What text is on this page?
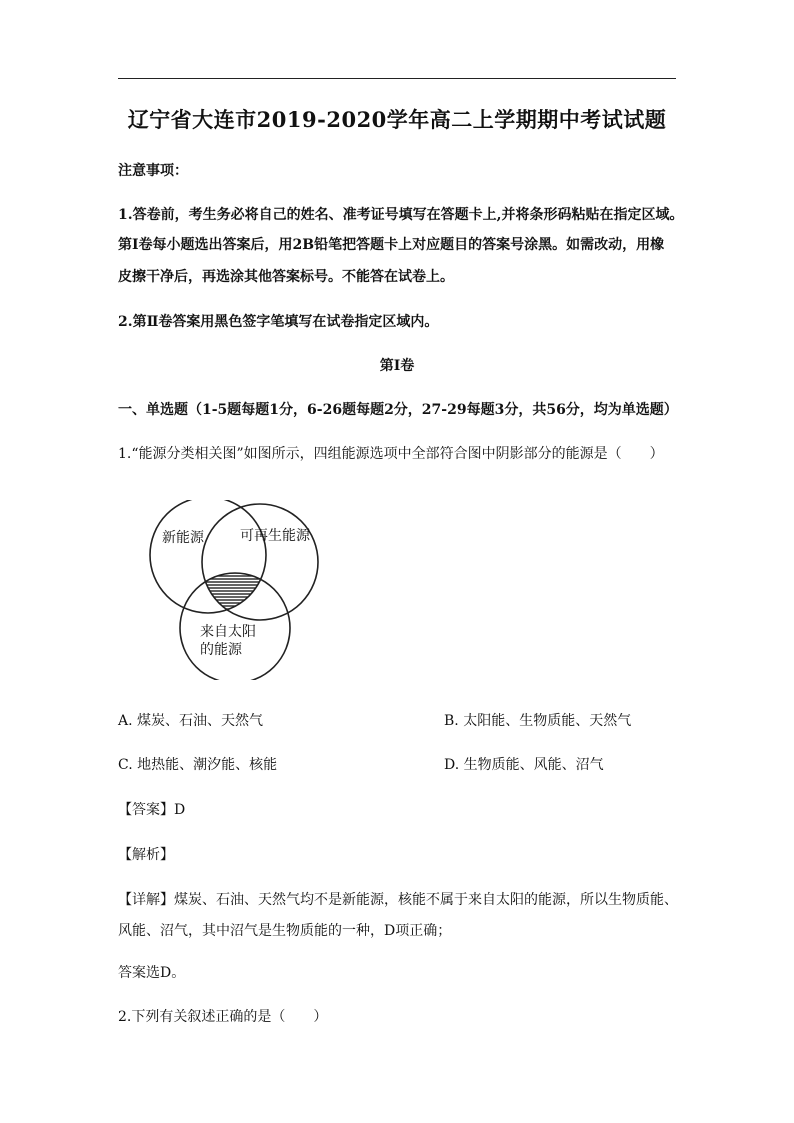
辽宁省大连市2019-2020学年高二上学期期中考试试题
注意事项：
1.答卷前，考生务必将自己的姓名、准考证号填写在答题卡上,并将条形码粘贴在指定区域。
第Ⅰ卷每小题选出答案后，用2B铅笔把答题卡上对应题目的答案号涂黑。如需改动，用橡
皮擦干净后，再选涂其他答案标号。不能答在试卷上。
2.第Ⅱ卷答案用黑色签字笔填写在试卷指定区域内。
第Ⅰ卷
一、单选题（1-5题每题1分，6-26题每题2分，27-29每题3分，共56分，均为单选题）
1.“能源分类相关图”如图所示，四组能源选项中全部符合图中阴影部分的能源是（　　）
新能源	可再生能源
来自太阳
的能源
A. 煤炭、石油、天然气	B. 太阳能、生物质能、天然气
C. 地热能、潮汐能、核能	D. 生物质能、风能、沼气
【答案】D
【解析】
【详解】煤炭、石油、天然气均不是新能源，核能不属于来自太阳的能源，所以生物质能、
风能、沼气，其中沼气是生物质能的一种，D项正确；
答案选D。
2.下列有关叙述正确的是（　　）
